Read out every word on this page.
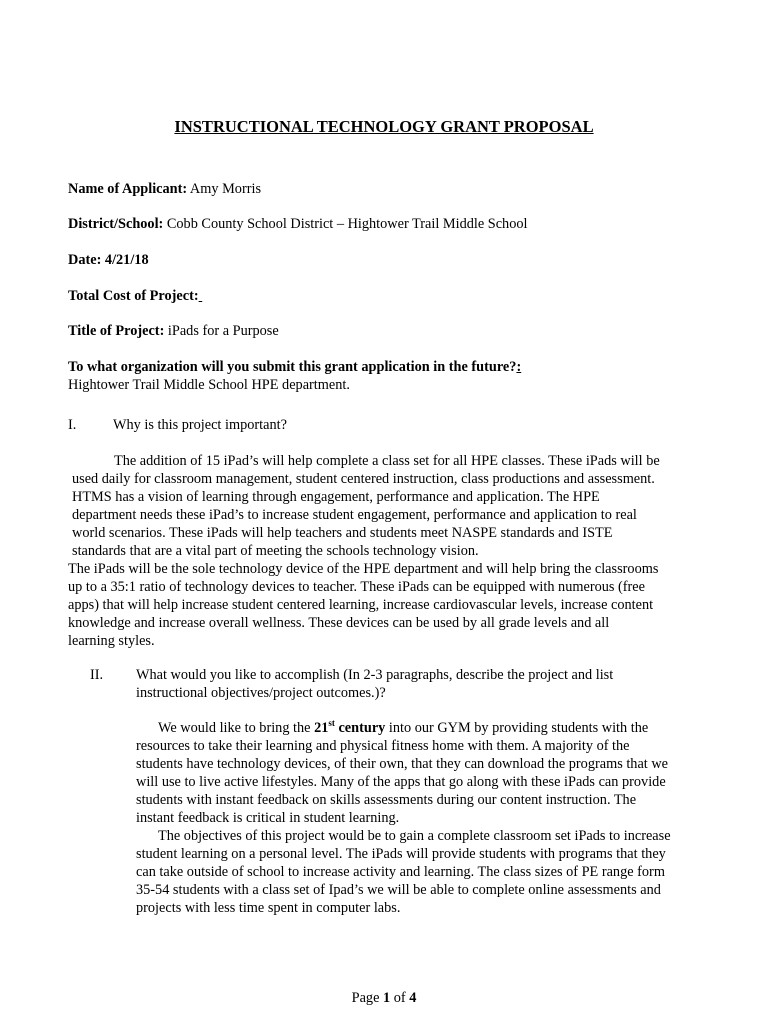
INSTRUCTIONAL TECHNOLOGY GRANT PROPOSAL
Name of Applicant: Amy Morris
District/School: Cobb County School District – Hightower Trail Middle School
Date: 4/21/18
Total Cost of Project:
Title of Project: iPads for a Purpose
To what organization will you submit this grant application in the future?:
Hightower Trail Middle School HPE department.
I.	Why is this project important?
The addition of 15 iPad’s will help complete a class set for all HPE classes. These iPads will be
used daily for classroom management, student centered instruction, class productions and assessment.
HTMS has a vision of learning through engagement, performance and application. The HPE
department needs these iPad’s to increase student engagement, performance and application to real
world scenarios. These iPads will help teachers and students meet NASPE standards and ISTE
standards that are a vital part of meeting the schools technology vision.
The iPads will be the sole technology device of the HPE department and will help bring the classrooms
up to a 35:1 ratio of technology devices to teacher. These iPads can be equipped with numerous (free
apps) that will help increase student centered learning, increase cardiovascular levels, increase content
knowledge and increase overall wellness. These devices can be used by all grade levels and all
learning styles.
II. What would you like to accomplish (In 2-3 paragraphs, describe the project and list
instructional objectives/project outcomes.)?
We would like to bring the 21st century into our GYM by providing students with the
resources to take their learning and physical fitness home with them. A majority of the
students have technology devices, of their own, that they can download the programs that we
will use to live active lifestyles. Many of the apps that go along with these iPads can provide
students with instant feedback on skills assessments during our content instruction. The
instant feedback is critical in student learning.
The objectives of this project would be to gain a complete classroom set iPads to increase
student learning on a personal level. The iPads will provide students with programs that they
can take outside of school to increase activity and learning. The class sizes of PE range form
35-54 students with a class set of Ipad’s we will be able to complete online assessments and
projects with less time spent in computer labs.
Page 1 of 4
